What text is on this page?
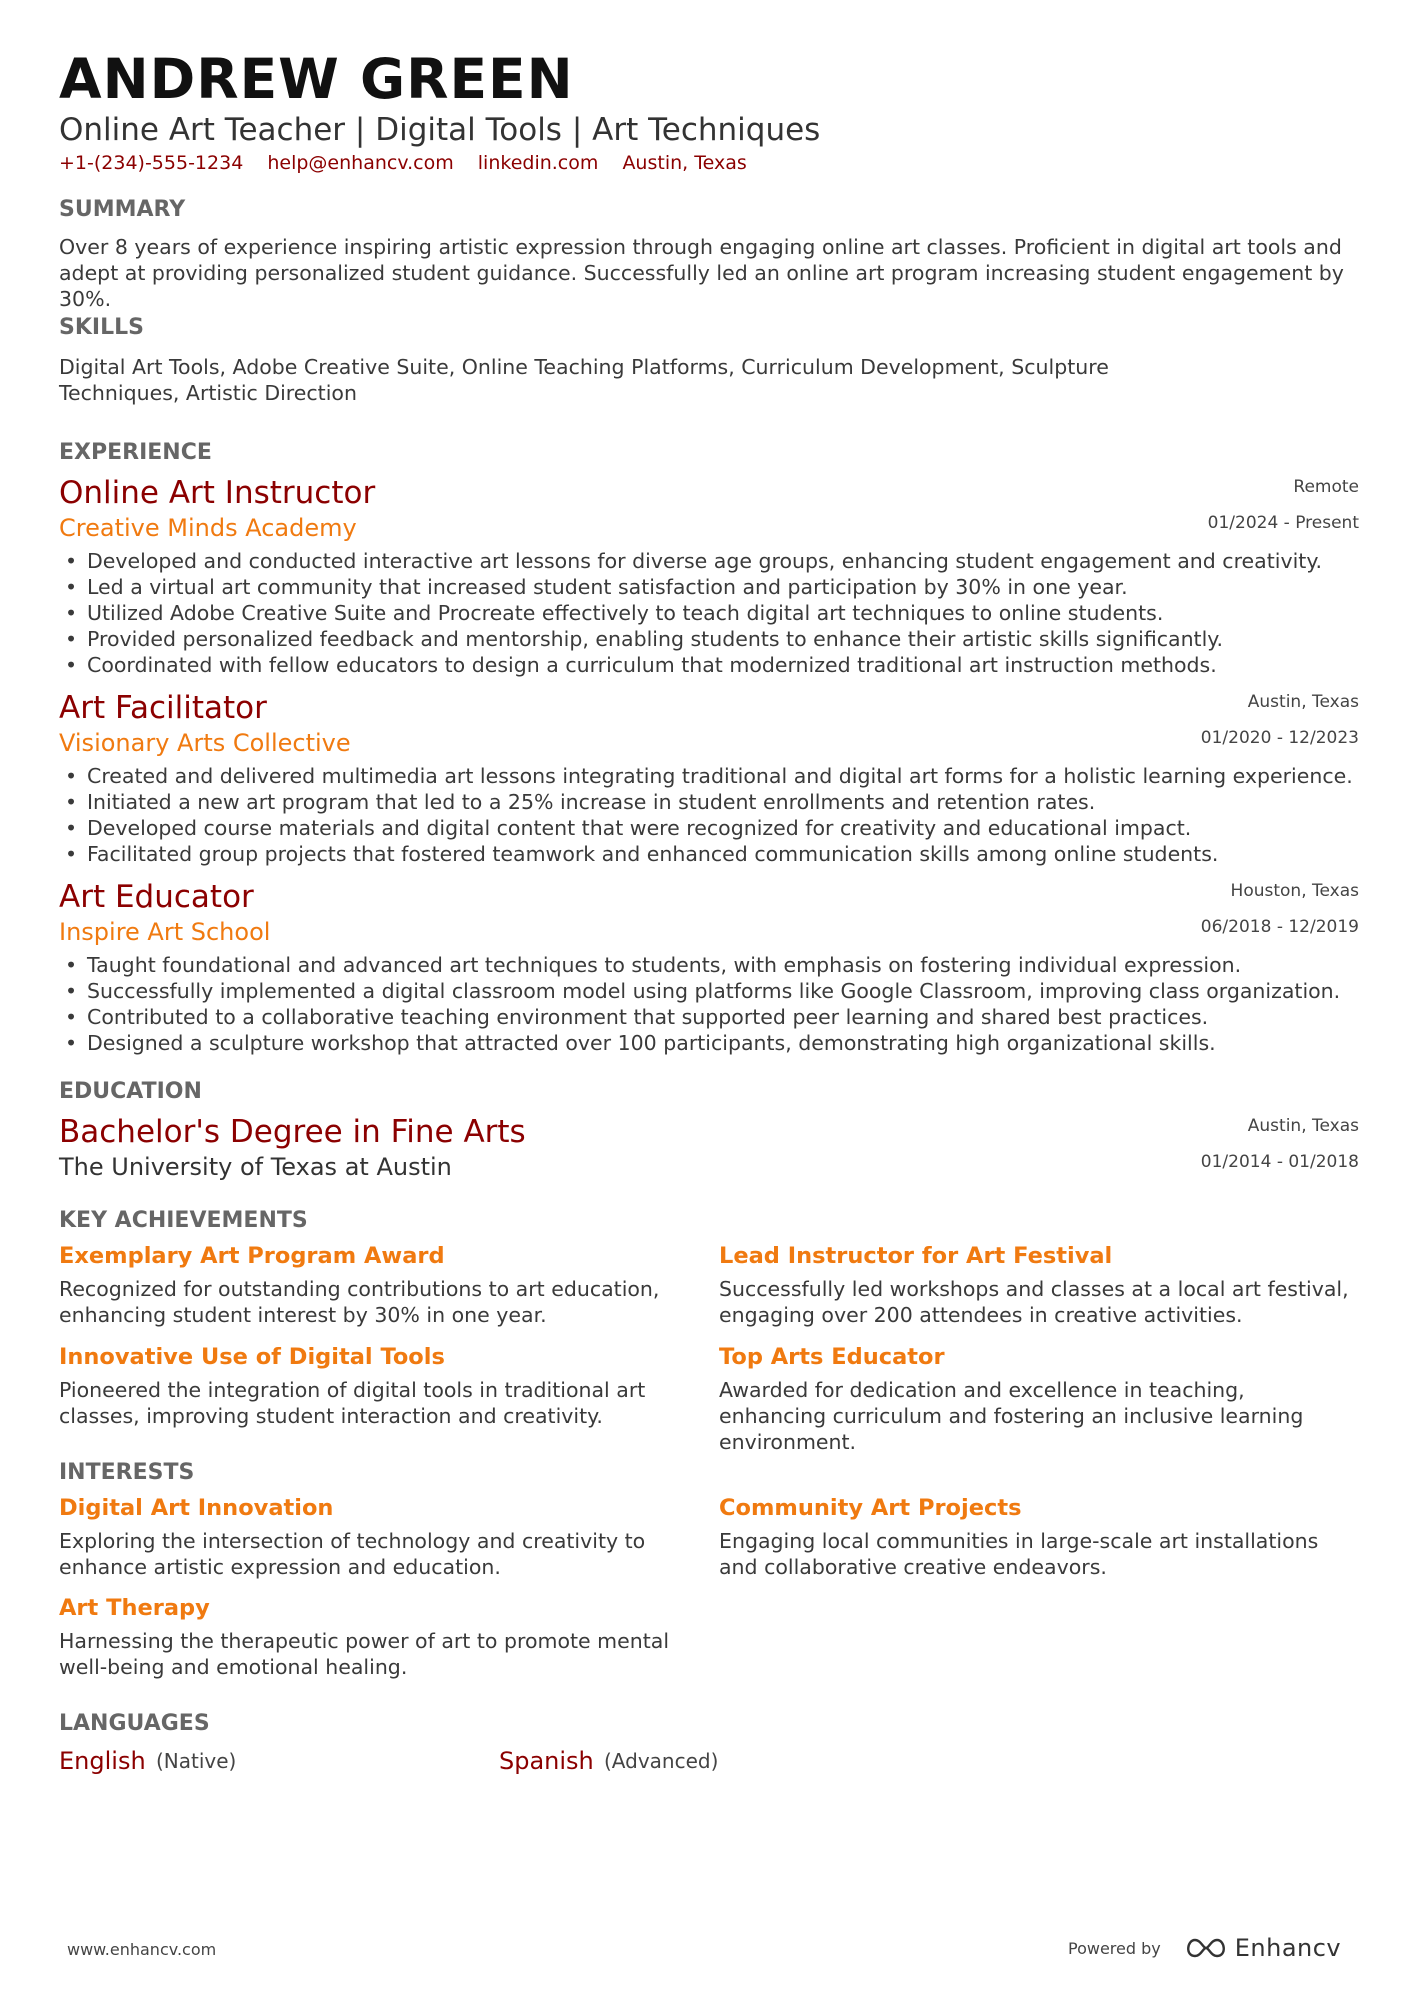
ANDREW GREEN
Online Art Teacher | Digital Tools | Art Techniques
+1-(234)-555-1234 help@enhancv.com linkedin.com Austin, Texas
SUMMARY
Over 8 years of experience inspiring artistic expression through engaging online art classes. Proficient in digital art tools and adept at providing personalized student guidance. Successfully led an online art program increasing student engagement by 30%.
SKILLS
Digital Art Tools, Adobe Creative Suite, Online Teaching Platforms, Curriculum Development, Sculpture Techniques, Artistic Direction
EXPERIENCE
Online Art Instructor	Remote
Creative Minds Academy	01/2024 - Present
• Developed and conducted interactive art lessons for diverse age groups, enhancing student engagement and creativity.
• Led a virtual art community that increased student satisfaction and participation by 30% in one year.
• Utilized Adobe Creative Suite and Procreate effectively to teach digital art techniques to online students.
• Provided personalized feedback and mentorship, enabling students to enhance their artistic skills significantly.
• Coordinated with fellow educators to design a curriculum that modernized traditional art instruction methods.
Art Facilitator	Austin, Texas
Visionary Arts Collective	01/2020 - 12/2023
• Created and delivered multimedia art lessons integrating traditional and digital art forms for a holistic learning experience.
• Initiated a new art program that led to a 25% increase in student enrollments and retention rates.
• Developed course materials and digital content that were recognized for creativity and educational impact.
• Facilitated group projects that fostered teamwork and enhanced communication skills among online students.
Art Educator	Houston, Texas
Inspire Art School	06/2018 - 12/2019
• Taught foundational and advanced art techniques to students, with emphasis on fostering individual expression.
• Successfully implemented a digital classroom model using platforms like Google Classroom, improving class organization.
• Contributed to a collaborative teaching environment that supported peer learning and shared best practices.
• Designed a sculpture workshop that attracted over 100 participants, demonstrating high organizational skills.
EDUCATION
Bachelor's Degree in Fine Arts	Austin, Texas
The University of Texas at Austin	01/2014 - 01/2018
KEY ACHIEVEMENTS
Exemplary Art Program Award
Recognized for outstanding contributions to art education, enhancing student interest by 30% in one year.
Lead Instructor for Art Festival
Successfully led workshops and classes at a local art festival, engaging over 200 attendees in creative activities.
Innovative Use of Digital Tools
Pioneered the integration of digital tools in traditional art classes, improving student interaction and creativity.
Top Arts Educator
Awarded for dedication and excellence in teaching, enhancing curriculum and fostering an inclusive learning environment.
INTERESTS
Digital Art Innovation
Exploring the intersection of technology and creativity to enhance artistic expression and education.
Community Art Projects
Engaging local communities in large-scale art installations and collaborative creative endeavors.
Art Therapy
Harnessing the therapeutic power of art to promote mental well-being and emotional healing.
LANGUAGES
English (Native)	Spanish (Advanced)
www.enhancv.com	Powered by	Enhancv
